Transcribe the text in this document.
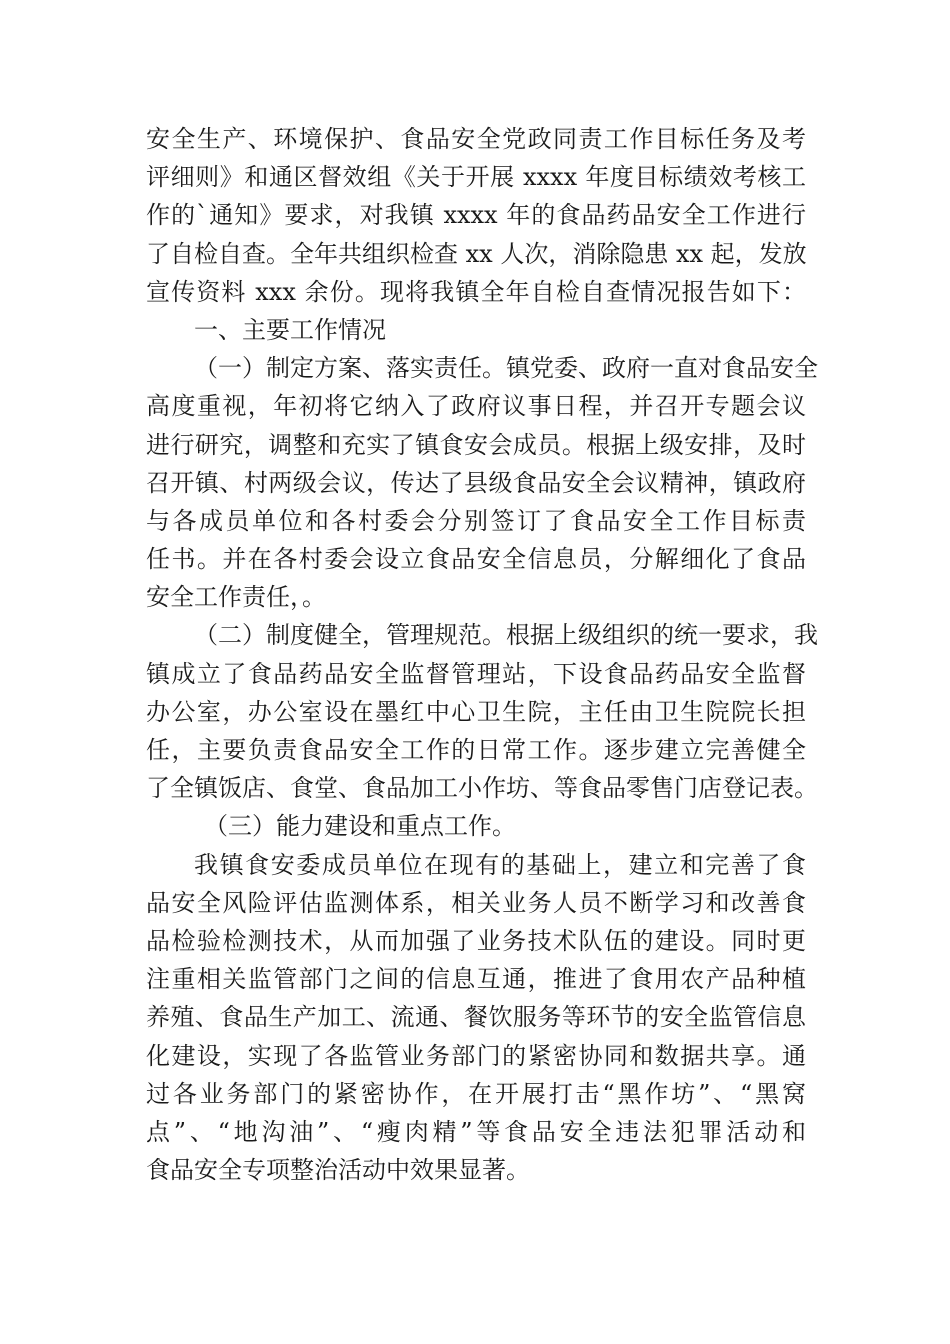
安全生产、环境保护、食品安全党政同责工作目标任务及考
评细则》和通区督效组《关于开展 xxxx 年度目标绩效考核工
作的`通知》要求，对我镇 xxxx 年的食品药品安全工作进行
了自检自查。全年共组织检查 xx 人次，消除隐患 xx 起，发放
宣传资料 xxx 余份。现将我镇全年自检自查情况报告如下：
一、主要工作情况
（一）制定方案、落实责任。镇党委、政府一直对食品安全
高度重视，年初将它纳入了政府议事日程，并召开专题会议
进行研究，调整和充实了镇食安会成员。根据上级安排，及时
召开镇、村两级会议，传达了县级食品安全会议精神，镇政府
与各成员单位和各村委会分别签订了食品安全工作目标责
任书。并在各村委会设立食品安全信息员，分解细化了食品
安全工作责任，。
（二）制度健全，管理规范。根据上级组织的统一要求，我
镇成立了食品药品安全监督管理站，下设食品药品安全监督
办公室，办公室设在墨红中心卫生院，主任由卫生院院长担
任，主要负责食品安全工作的日常工作。逐步建立完善健全
了全镇饭店、食堂、食品加工小作坊、等食品零售门店登记表。
（三）能力建设和重点工作。
我镇食安委成员单位在现有的基础上，建立和完善了食
品安全风险评估监测体系，相关业务人员不断学习和改善食
品检验检测技术，从而加强了业务技术队伍的建设。同时更
注重相关监管部门之间的信息互通，推进了食用农产品种植
养殖、食品生产加工、流通、餐饮服务等环节的安全监管信息
化建设，实现了各监管业务部门的紧密协同和数据共享。通
过各业务部门的紧密协作，在开展打击“黑作坊”、“黑窝
点”、“地沟油”、“瘦肉精”等食品安全违法犯罪活动和
食品安全专项整治活动中效果显著。
